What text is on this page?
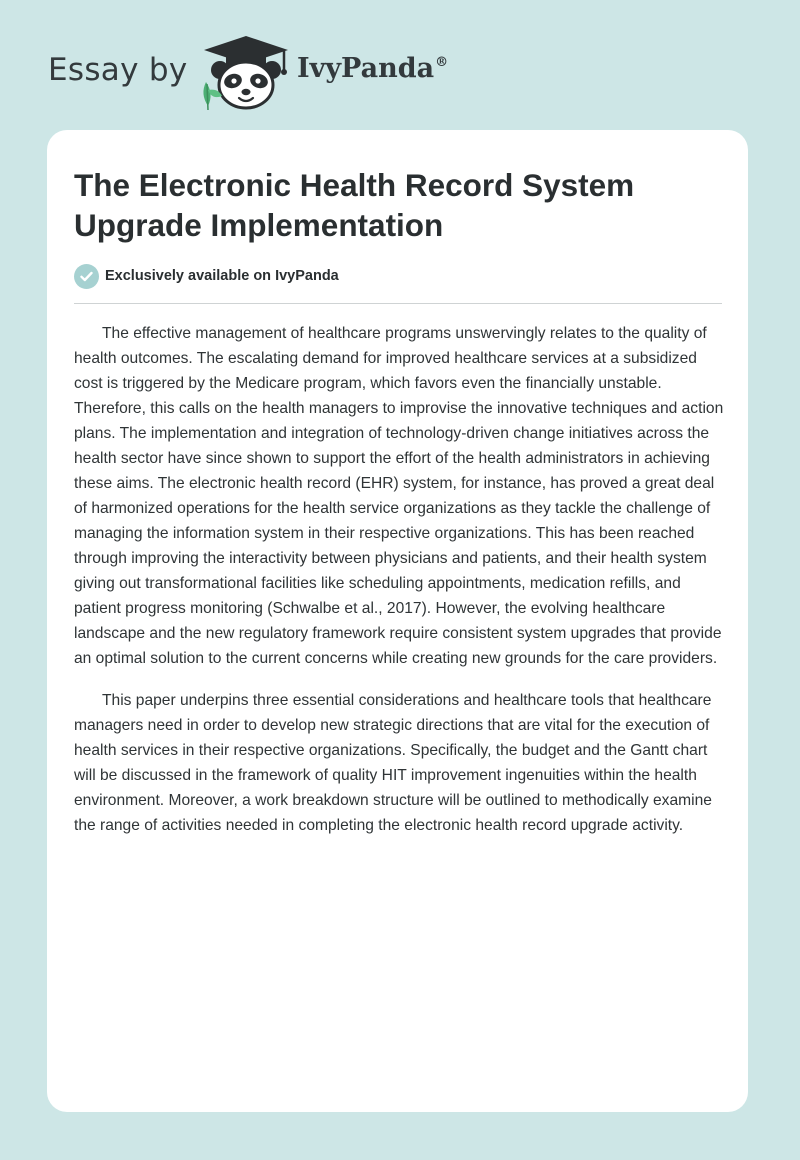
Essay by	IvyPanda®
The Electronic Health Record System Upgrade Implementation
Exclusively available on IvyPanda

The effective management of healthcare programs unswervingly relates to the quality of health outcomes. The escalating demand for improved healthcare services at a subsidized cost is triggered by the Medicare program, which favors even the financially unstable. Therefore, this calls on the health managers to improvise the innovative techniques and action plans. The implementation and integration of technology-driven change initiatives across the health sector have since shown to support the effort of the health administrators in achieving these aims. The electronic health record (EHR) system, for instance, has proved a great deal of harmonized operations for the health service organizations as they tackle the challenge of managing the information system in their respective organizations. This has been reached through improving the interactivity between physicians and patients, and their health system giving out transformational facilities like scheduling appointments, medication refills, and patient progress monitoring (Schwalbe et al., 2017). However, the evolving healthcare landscape and the new regulatory framework require consistent system upgrades that provide an optimal solution to the current concerns while creating new grounds for the care providers.

This paper underpins three essential considerations and healthcare tools that healthcare managers need in order to develop new strategic directions that are vital for the execution of health services in their respective organizations. Specifically, the budget and the Gantt chart will be discussed in the framework of quality HIT improvement ingenuities within the health environment. Moreover, a work breakdown structure will be outlined to methodically examine the range of activities needed in completing the electronic health record upgrade activity.
